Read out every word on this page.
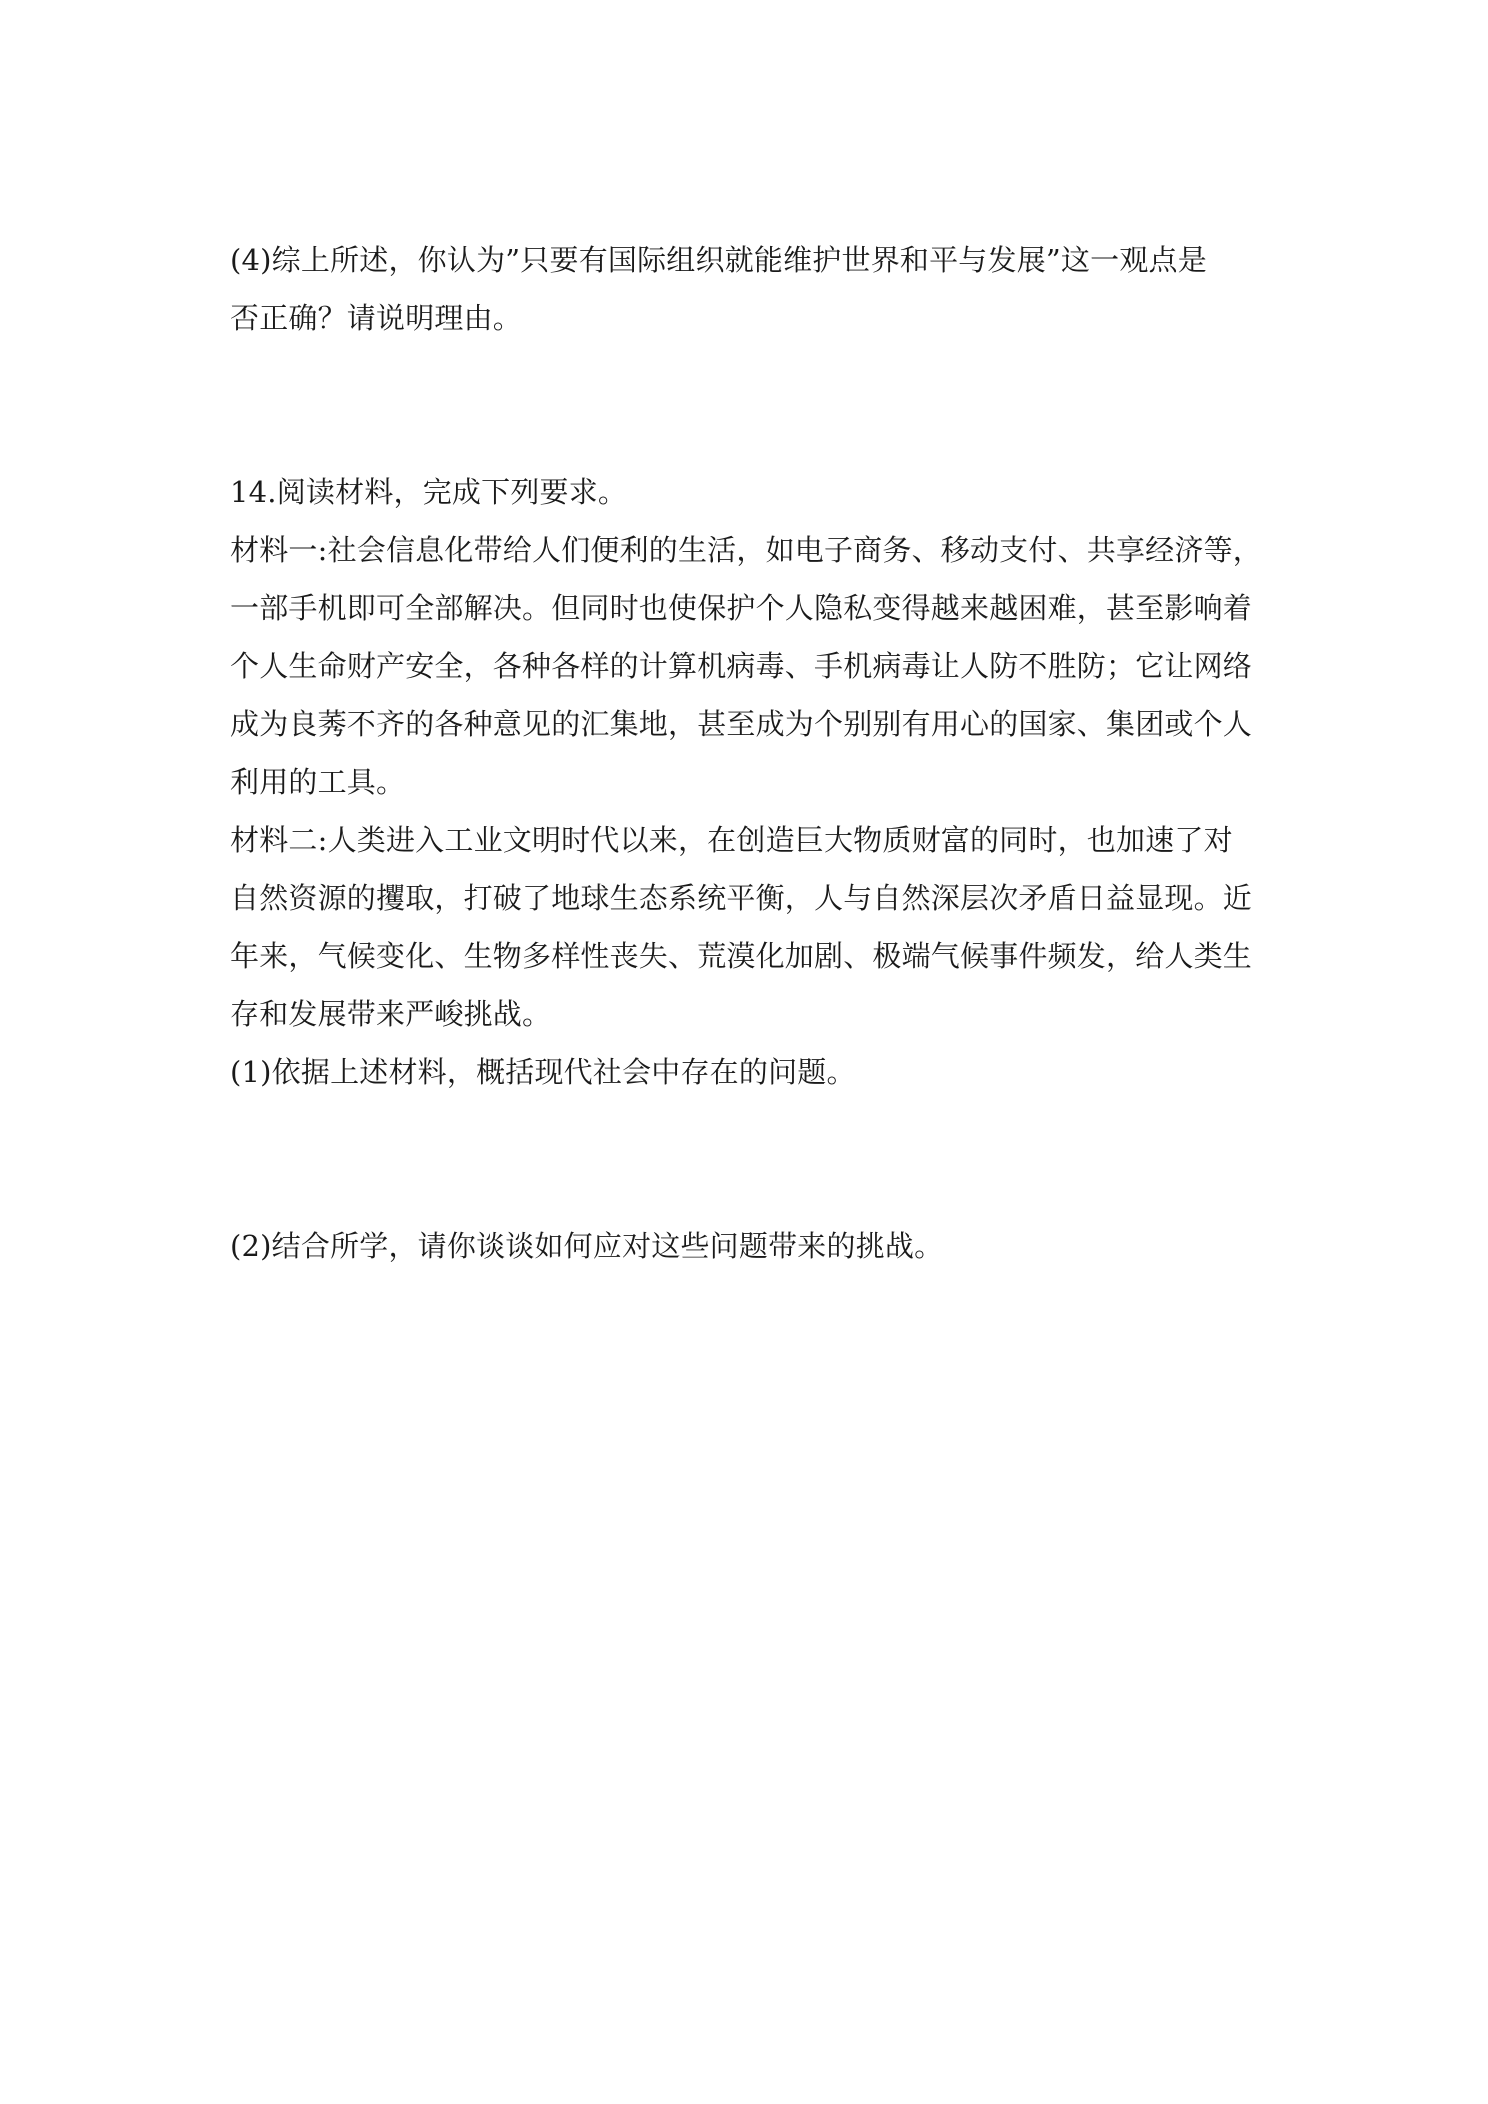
(4)综上所述，你认为”只要有国际组织就能维护世界和平与发展”这一观点是
否正确？请说明理由。
14.阅读材料，完成下列要求。
材料一:社会信息化带给人们便利的生活，如电子商务、移动支付、共享经济等，
一部手机即可全部解决。但同时也使保护个人隐私变得越来越困难，甚至影响着
个人生命财产安全，各种各样的计算机病毒、手机病毒让人防不胜防；它让网络
成为良莠不齐的各种意见的汇集地，甚至成为个别别有用心的国家、集团或个人
利用的工具。
材料二:人类进入工业文明时代以来，在创造巨大物质财富的同时，也加速了对
自然资源的攫取，打破了地球生态系统平衡，人与自然深层次矛盾日益显现。近
年来，气候变化、生物多样性丧失、荒漠化加剧、极端气候事件频发，给人类生
存和发展带来严峻挑战。
(1)依据上述材料，概括现代社会中存在的问题。
(2)结合所学，请你谈谈如何应对这些问题带来的挑战。
